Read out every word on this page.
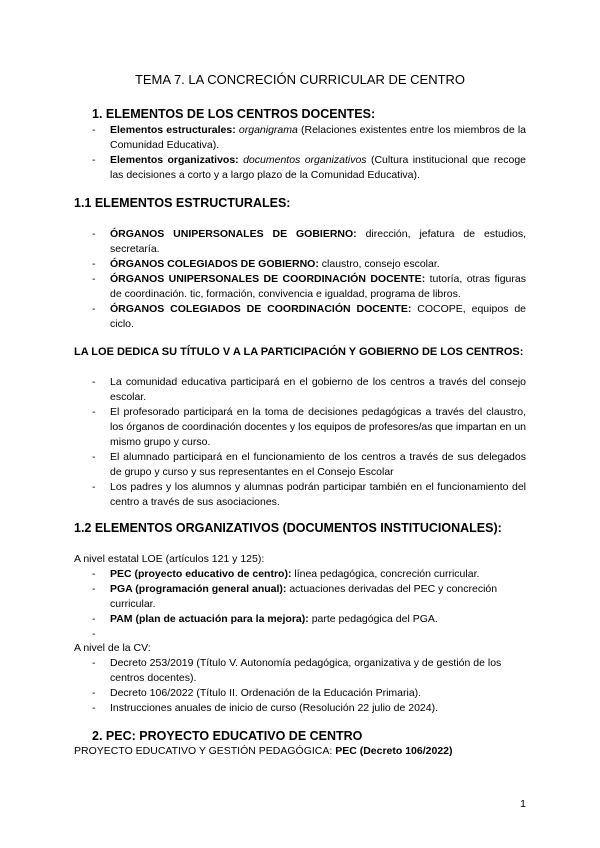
TEMA 7. LA CONCRECIÓN CURRICULAR DE CENTRO
1. ELEMENTOS DE LOS CENTROS DOCENTES:
- Elementos estructurales: organigrama (Relaciones existentes entre los miembros de la Comunidad Educativa).
- Elementos organizativos: documentos organizativos (Cultura institucional que recoge las decisiones a corto y a largo plazo de la Comunidad Educativa).
1.1 ELEMENTOS ESTRUCTURALES:
- ÓRGANOS UNIPERSONALES DE GOBIERNO: dirección, jefatura de estudios, secretaría.
- ÓRGANOS COLEGIADOS DE GOBIERNO: claustro, consejo escolar.
- ÓRGANOS UNIPERSONALES DE COORDINACIÓN DOCENTE: tutoría, otras figuras de coordinación. tic, formación, convivencia e igualdad, programa de libros.
- ÓRGANOS COLEGIADOS DE COORDINACIÓN DOCENTE: COCOPE, equipos de ciclo.
LA LOE DEDICA SU TÍTULO V A LA PARTICIPACIÓN Y GOBIERNO DE LOS CENTROS:
- La comunidad educativa participará en el gobierno de los centros a través del consejo escolar.
- El profesorado participará en la toma de decisiones pedagógicas a través del claustro, los órganos de coordinación docentes y los equipos de profesores/as que impartan en un mismo grupo y curso.
- El alumnado participará en el funcionamiento de los centros a través de sus delegados de grupo y curso y sus representantes en el Consejo Escolar
- Los padres y los alumnos y alumnas podrán participar también en el funcionamiento del centro a través de sus asociaciones.
1.2 ELEMENTOS ORGANIZATIVOS (DOCUMENTOS INSTITUCIONALES):
A nivel estatal LOE (artículos 121 y 125):
- PEC (proyecto educativo de centro): línea pedagógica, concreción curricular.
- PGA (programación general anual): actuaciones derivadas del PEC y concreción curricular.
- PAM (plan de actuación para la mejora): parte pedagógica del PGA.
-
A nivel de la CV:
- Decreto 253/2019 (Título V. Autonomía pedagógica, organizativa y de gestión de los centros docentes).
- Decreto 106/2022 (Título II. Ordenación de la Educación Primaria).
- Instrucciones anuales de inicio de curso (Resolución 22 julio de 2024).
2. PEC: PROYECTO EDUCATIVO DE CENTRO
PROYECTO EDUCATIVO Y GESTIÓN PEDAGÓGICA: PEC (Decreto 106/2022)
1
